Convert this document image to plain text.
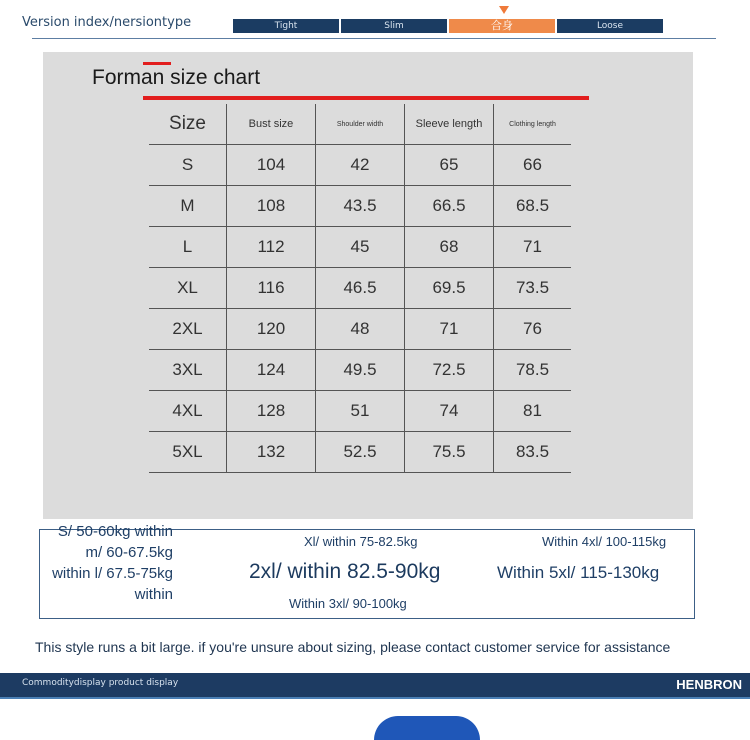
Version index/nersiontype	Tight	Slim	合身	Loose
Forman size chart
Size	Bust size	Shoulder width	Sleeve length	Clothing length
S	104	42	65	66
M	108	43.5	66.5	68.5
L	112	45	68	71
XL	116	46.5	69.5	73.5
2XL	120	48	71	76
3XL	124	49.5	72.5	78.5
4XL	128	51	74	81
5XL	132	52.5	75.5	83.5
S/ 50-60kg within m/ 60-67.5kg within l/ 67.5-75kg within
Xl/ within 75-82.5kg
2xl/ within 82.5-90kg
Within 3xl/ 90-100kg
Within 4xl/ 100-115kg
Within 5xl/ 115-130kg
This style runs a bit large. if you're unsure about sizing, please contact customer service for assistance
Commoditydisplay product display	HENBRON
